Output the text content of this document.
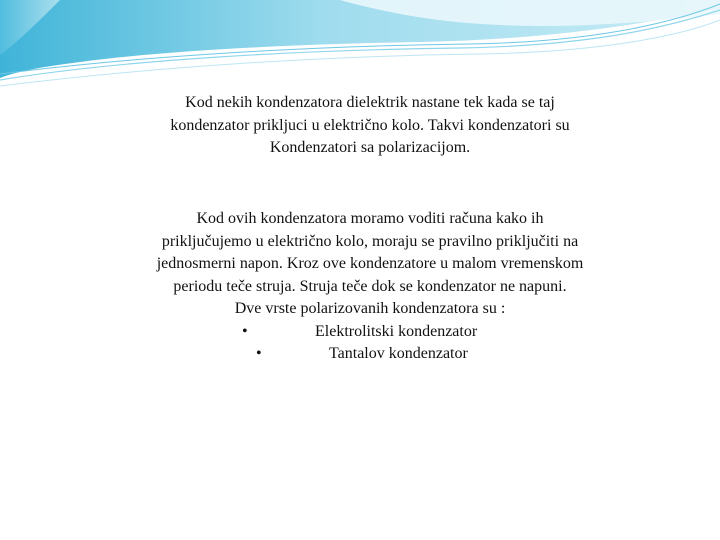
Kod nekih kondenzatora dielektrik nastane tek kada se taj
kondenzator prikljuci u električno kolo. Takvi kondenzatori su
Kondenzatori sa polarizacijom.
Kod ovih kondenzatora moramo voditi računa kako ih
priključujemo u električno kolo, moraju se pravilno priključiti na
jednosmerni napon. Kroz ove kondenzatore u malom vremenskom
periodu teče struja. Struja teče dok se kondenzator ne napuni.
Dve vrste polarizovanih kondenzatora su :
•	Elektrolitski kondenzator
•	Tantalov kondenzator
